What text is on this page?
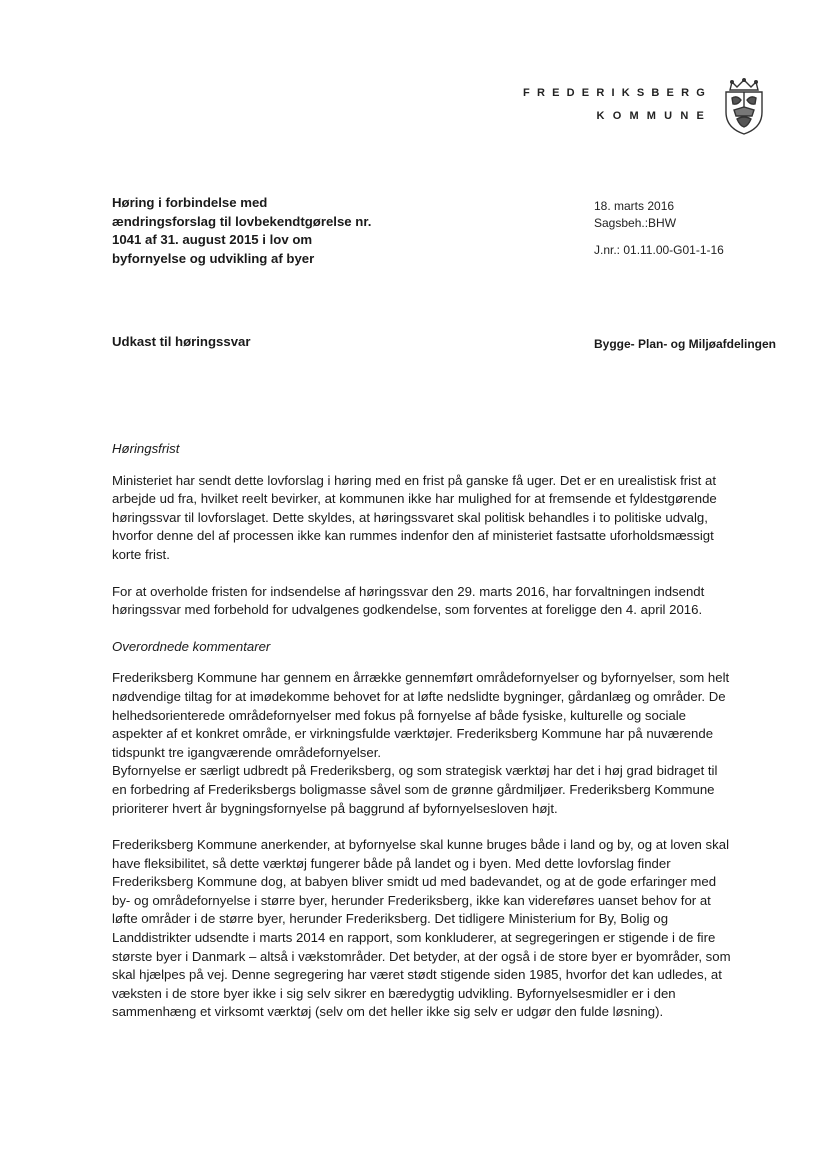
FREDERIKSBERG
KOMMUNE
Høring i forbindelse med ændringsforslag til lovbekendtgørelse nr. 1041 af 31. august 2015 i lov om byfornyelse og udvikling af byer
18. marts 2016
Sagsbeh.:BHW
J.nr.: 01.11.00-G01-1-16
Udkast til høringssvar	Bygge- Plan- og Miljøafdelingen
Høringsfrist

Ministeriet har sendt dette lovforslag i høring med en frist på ganske få uger. Det er en urealistisk frist at arbejde ud fra, hvilket reelt bevirker, at kommunen ikke har mulighed for at fremsende et fyldestgørende høringssvar til lovforslaget. Dette skyldes, at høringssvaret skal politisk behandles i to politiske udvalg, hvorfor denne del af processen ikke kan rummes indenfor den af ministeriet fastsatte uforholdsmæssigt korte frist.

For at overholde fristen for indsendelse af høringssvar den 29. marts 2016, har forvaltningen indsendt høringssvar med forbehold for udvalgenes godkendelse, som forventes at foreligge den 4. april 2016.

Overordnede kommentarer

Frederiksberg Kommune har gennem en årrække gennemført områdefornyelser og byfornyelser, som helt nødvendige tiltag for at imødekomme behovet for at løfte nedslidte bygninger, gårdanlæg og områder. De helhedsorienterede områdefornyelser med fokus på fornyelse af både fysiske, kulturelle og sociale aspekter af et konkret område, er virkningsfulde værktøjer. Frederiksberg Kommune har på nuværende tidspunkt tre igangværende områdefornyelser.

Byfornyelse er særligt udbredt på Frederiksberg, og som strategisk værktøj har det i høj grad bidraget til en forbedring af Frederiksbergs boligmasse såvel som de grønne gårdmiljøer. Frederiksberg Kommune prioriterer hvert år bygningsfornyelse på baggrund af byfornyelsesloven højt.

Frederiksberg Kommune anerkender, at byfornyelse skal kunne bruges både i land og by, og at loven skal have fleksibilitet, så dette værktøj fungerer både på landet og i byen. Med dette lovforslag finder Frederiksberg Kommune dog, at babyen bliver smidt ud med badevandet, og at de gode erfaringer med by- og områdefornyelse i større byer, herunder Frederiksberg, ikke kan videreføres uanset behov for at løfte områder i de større byer, herunder Frederiksberg. Det tidligere Ministerium for By, Bolig og Landdistrikter udsendte i marts 2014 en rapport, som konkluderer, at segregeringen er stigende i de fire største byer i Danmark – altså i vækstområder. Det betyder, at der også i de store byer er byområder, som skal hjælpes på vej. Denne segregering har været stødt stigende siden 1985, hvorfor det kan udledes, at væksten i de store byer ikke i sig selv sikrer en bæredygtig udvikling. Byfornyelsesmidler er i den sammenhæng et virksomt værktøj (selv om det heller ikke sig selv er udgør den fulde løsning).
